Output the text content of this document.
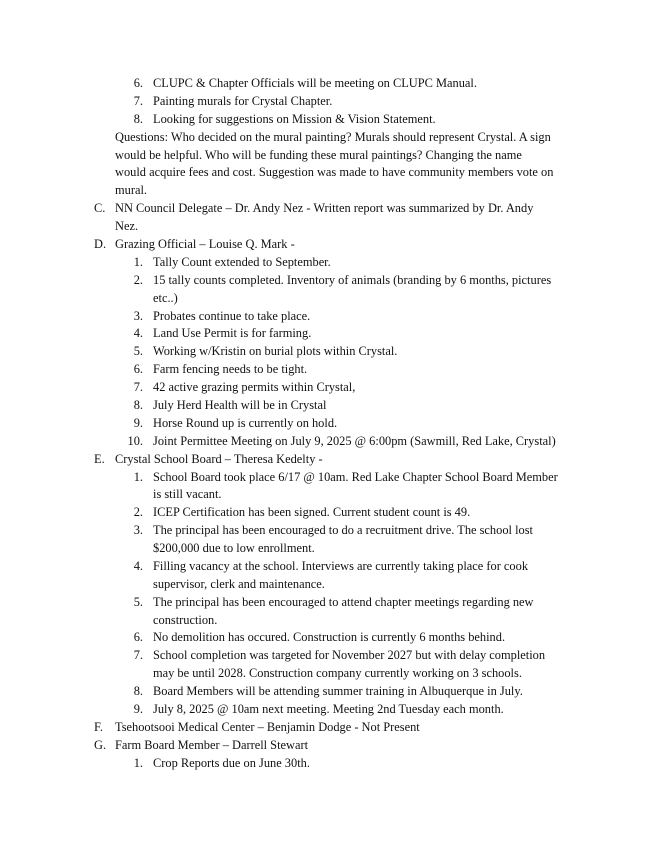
6. CLUPC & Chapter Officials will be meeting on CLUPC Manual.
7. Painting murals for Crystal Chapter.
8. Looking for suggestions on Mission & Vision Statement.
Questions: Who decided on the mural painting? Murals should represent Crystal. A sign
would be helpful. Who will be funding these mural paintings? Changing the name
would acquire fees and cost. Suggestion was made to have community members vote on
mural.
C. NN Council Delegate – Dr. Andy Nez - Written report was summarized by Dr. Andy
Nez.
D. Grazing Official – Louise Q. Mark -
1. Tally Count extended to September.
2. 15 tally counts completed. Inventory of animals (branding by 6 months, pictures
etc..)
3. Probates continue to take place.
4. Land Use Permit is for farming.
5. Working w/Kristin on burial plots within Crystal.
6. Farm fencing needs to be tight.
7. 42 active grazing permits within Crystal,
8. July Herd Health will be in Crystal
9. Horse Round up is currently on hold.
10. Joint Permittee Meeting on July 9, 2025 @ 6:00pm (Sawmill, Red Lake, Crystal)
E. Crystal School Board – Theresa Kedelty -
1. School Board took place 6/17 @ 10am. Red Lake Chapter School Board Member
is still vacant.
2. ICEP Certification has been signed. Current student count is 49.
3. The principal has been encouraged to do a recruitment drive. The school lost
$200,000 due to low enrollment.
4. Filling vacancy at the school. Interviews are currently taking place for cook
supervisor, clerk and maintenance.
5. The principal has been encouraged to attend chapter meetings regarding new
construction.
6. No demolition has occured. Construction is currently 6 months behind.
7. School completion was targeted for November 2027 but with delay completion
may be until 2028. Construction company currently working on 3 schools.
8. Board Members will be attending summer training in Albuquerque in July.
9. July 8, 2025 @ 10am next meeting. Meeting 2nd Tuesday each month.
F. Tsehootsooi Medical Center – Benjamin Dodge - Not Present
G. Farm Board Member – Darrell Stewart
1. Crop Reports due on June 30th.
